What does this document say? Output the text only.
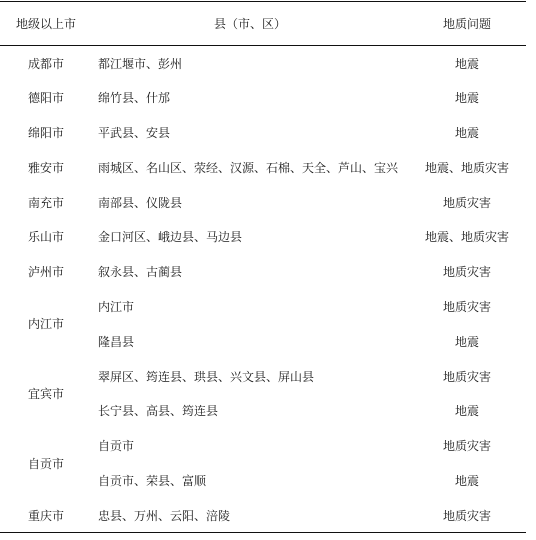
地级以上市	县（市、区）	地质问题
成都市	都江堰市、彭州	地震
德阳市	绵竹县、什邡	地震
绵阳市	平武县、安县	地震
雅安市	雨城区、名山区、荥经、汉源、石棉、天全、芦山、宝兴	地震、地质灾害
南充市	南部县、仪陇县	地质灾害
乐山市	金口河区、峨边县、马边县	地震、地质灾害
泸州市	叙永县、古蔺县	地质灾害
内江市	内江市	地质灾害
	隆昌县	地震
宜宾市	翠屏区、筠连县、珙县、兴文县、屏山县	地质灾害
	长宁县、高县、筠连县	地震
自贡市	自贡市	地质灾害
	自贡市、荣县、富顺	地震
重庆市	忠县、万州、云阳、涪陵	地质灾害
